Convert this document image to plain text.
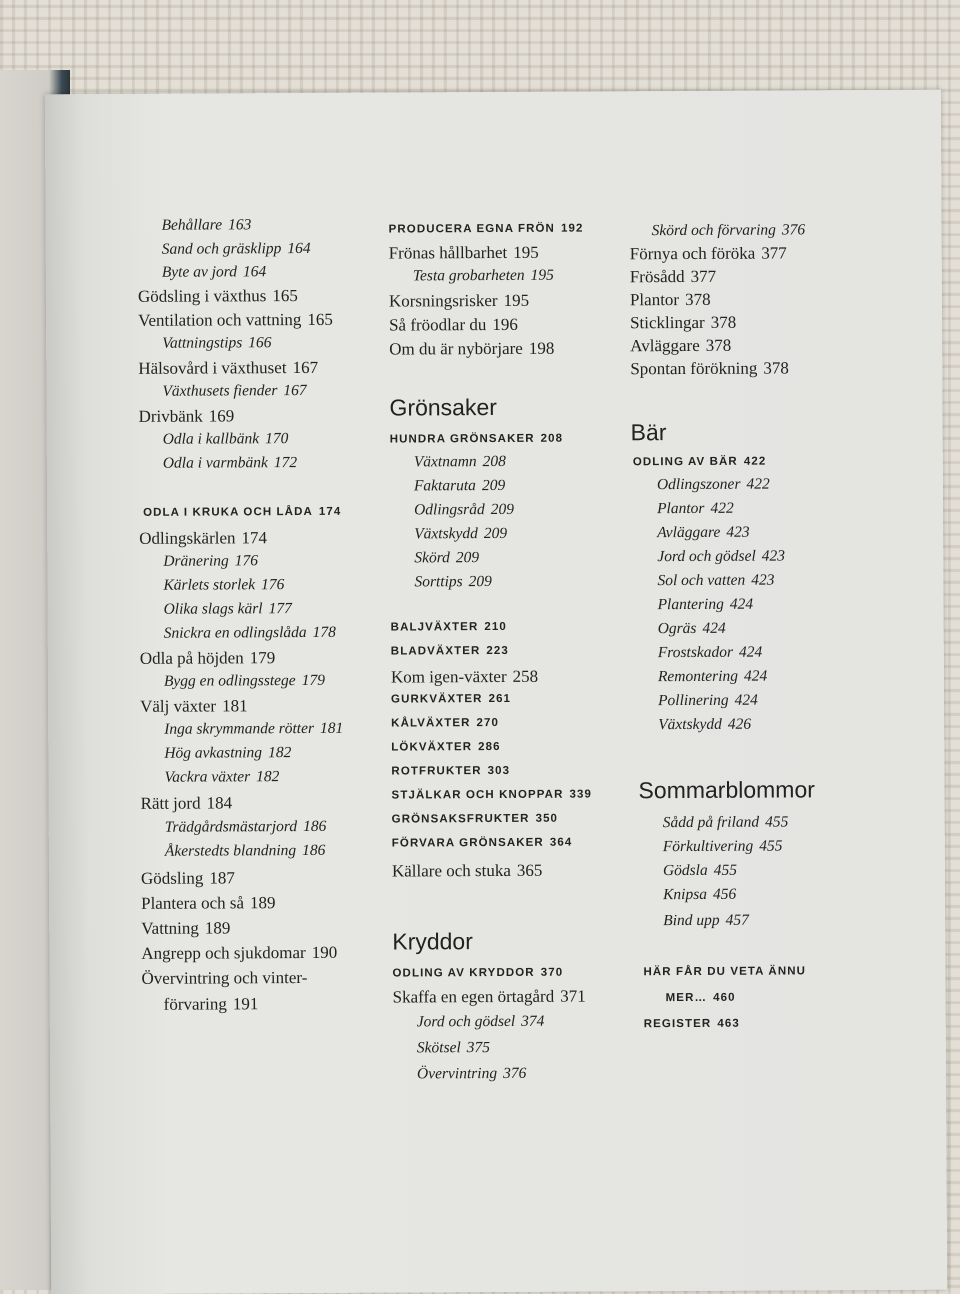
Behållare 163
Sand och gräsklipp 164
Byte av jord 164
Gödsling i växthus 165
Ventilation och vattning 165
Vattningstips 166
Hälsovård i växthuset 167
Växthusets fiender 167
Drivbänk 169
Odla i kallbänk 170
Odla i varmbänk 172
ODLA I KRUKA OCH LÅDA 174
Odlingskärlen 174
Dränering 176
Kärlets storlek 176
Olika slags kärl 177
Snickra en odlingslåda 178
Odla på höjden 179
Bygg en odlingsstege 179
Välj växter 181
Inga skrymmande rötter 181
Hög avkastning 182
Vackra växter 182
Rätt jord 184
Trädgårdsmästarjord 186
Åkerstedts blandning 186
Gödsling 187
Plantera och så 189
Vattning 189
Angrepp och sjukdomar 190
Övervintring och vinter-
förvaring 191
PRODUCERA EGNA FRÖN 192
Frönas hållbarhet 195
Testa grobarheten 195
Korsningsrisker 195
Så fröodlar du 196
Om du är nybörjare 198
Grönsaker
HUNDRA GRÖNSAKER 208
Växtnamn 208
Faktaruta 209
Odlingsråd 209
Växtskydd 209
Skörd 209
Sorttips 209
BALJVÄXTER 210
BLADVÄXTER 223
Kom igen-växter 258
GURKVÄXTER 261
KÅLVÄXTER 270
LÖKVÄXTER 286
ROTFRUKTER 303
STJÄLKAR OCH KNOPPAR 339
GRÖNSAKSFRUKTER 350
FÖRVARA GRÖNSAKER 364
Källare och stuka 365
Kryddor
ODLING AV KRYDDOR 370
Skaffa en egen örtagård 371
Jord och gödsel 374
Skötsel 375
Övervintring 376
Skörd och förvaring 376
Förnya och föröka 377
Frösådd 377
Plantor 378
Sticklingar 378
Avläggare 378
Spontan förökning 378
Bär
ODLING AV BÄR 422
Odlingszoner 422
Plantor 422
Avläggare 423
Jord och gödsel 423
Sol och vatten 423
Plantering 424
Ogräs 424
Frostskador 424
Remontering 424
Pollinering 424
Växtskydd 426
Sommarblommor
Sådd på friland 455
Förkultivering 455
Gödsla 455
Knipsa 456
Bind upp 457
HÄR FÅR DU VETA ÄNNU
MER… 460
REGISTER 463
